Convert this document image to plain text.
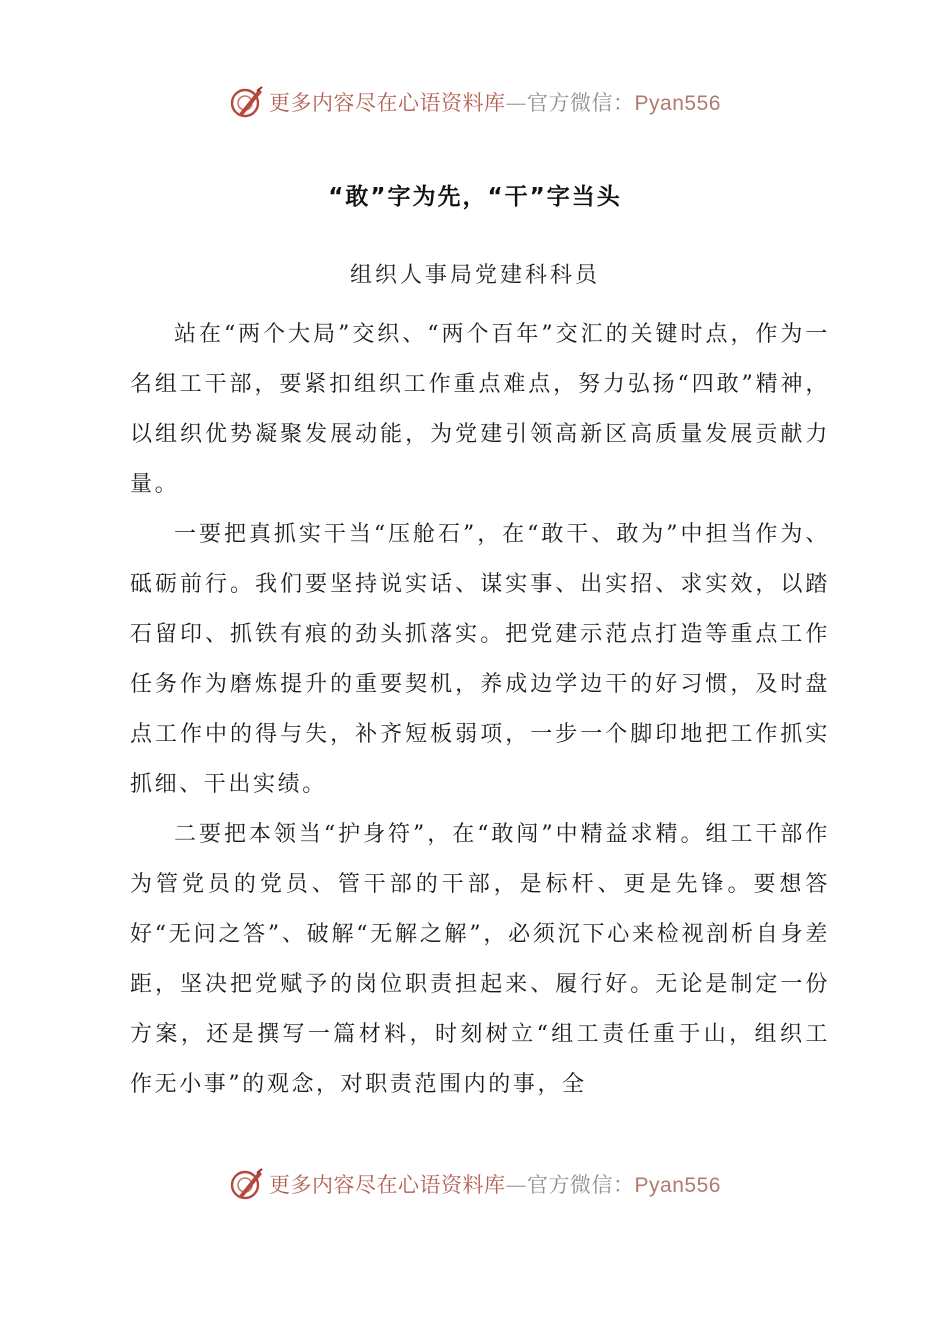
更多内容尽在心语资料库—官方微信：Pyan556
“敢”字为先，“干”字当头
组织人事局党建科科员

站在“两个大局”交织、“两个百年”交汇的关键时点，作为一名组工干部，要紧扣组织工作重点难点，努力弘扬“四敢”精神，以组织优势凝聚发展动能，为党建引领高新区高质量发展贡献力量。

一要把真抓实干当“压舱石”，在“敢干、敢为”中担当作为、砥砺前行。我们要坚持说实话、谋实事、出实招、求实效，以踏石留印、抓铁有痕的劲头抓落实。把党建示范点打造等重点工作任务作为磨炼提升的重要契机，养成边学边干的好习惯，及时盘点工作中的得与失，补齐短板弱项，一步一个脚印地把工作抓实抓细、干出实绩。

二要把本领当“护身符”，在“敢闯”中精益求精。组工干部作为管党员的党员、管干部的干部，是标杆、更是先锋。要想答好“无问之答”、破解“无解之解”，必须沉下心来检视剖析自身差距，坚决把党赋予的岗位职责担起来、履行好。无论是制定一份方案，还是撰写一篇材料，时刻树立“组工责任重于山，组织工作无小事”的观念，对职责范围内的事，全

更多内容尽在心语资料库—官方微信：Pyan556
